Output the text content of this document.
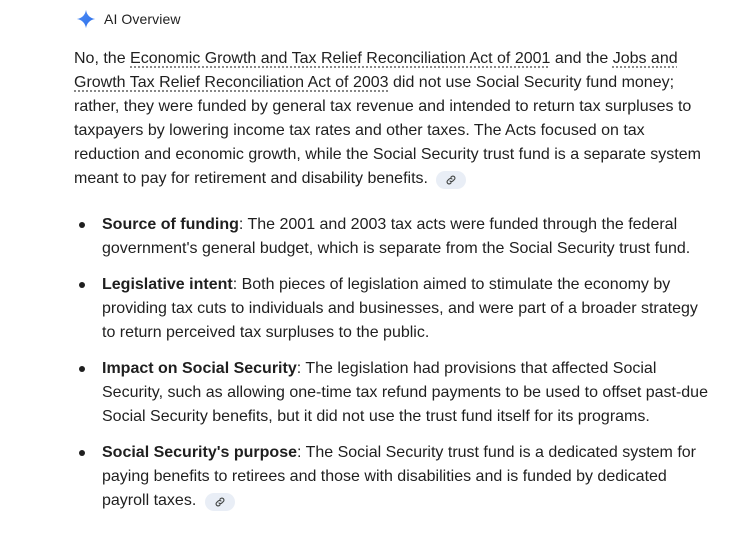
AI Overview

No, the Economic Growth and Tax Relief Reconciliation Act of 2001 and the Jobs and Growth Tax Relief Reconciliation Act of 2003 did not use Social Security fund money; rather, they were funded by general tax revenue and intended to return tax surpluses to taxpayers by lowering income tax rates and other taxes. The Acts focused on tax reduction and economic growth, while the Social Security trust fund is a separate system meant to pay for retirement and disability benefits.

Source of funding: The 2001 and 2003 tax acts were funded through the federal government's general budget, which is separate from the Social Security trust fund.
Legislative intent: Both pieces of legislation aimed to stimulate the economy by providing tax cuts to individuals and businesses, and were part of a broader strategy to return perceived tax surpluses to the public.
Impact on Social Security: The legislation had provisions that affected Social Security, such as allowing one-time tax refund payments to be used to offset past-due Social Security benefits, but it did not use the trust fund itself for its programs.
Social Security's purpose: The Social Security trust fund is a dedicated system for paying benefits to retirees and those with disabilities and is funded by dedicated payroll taxes.
